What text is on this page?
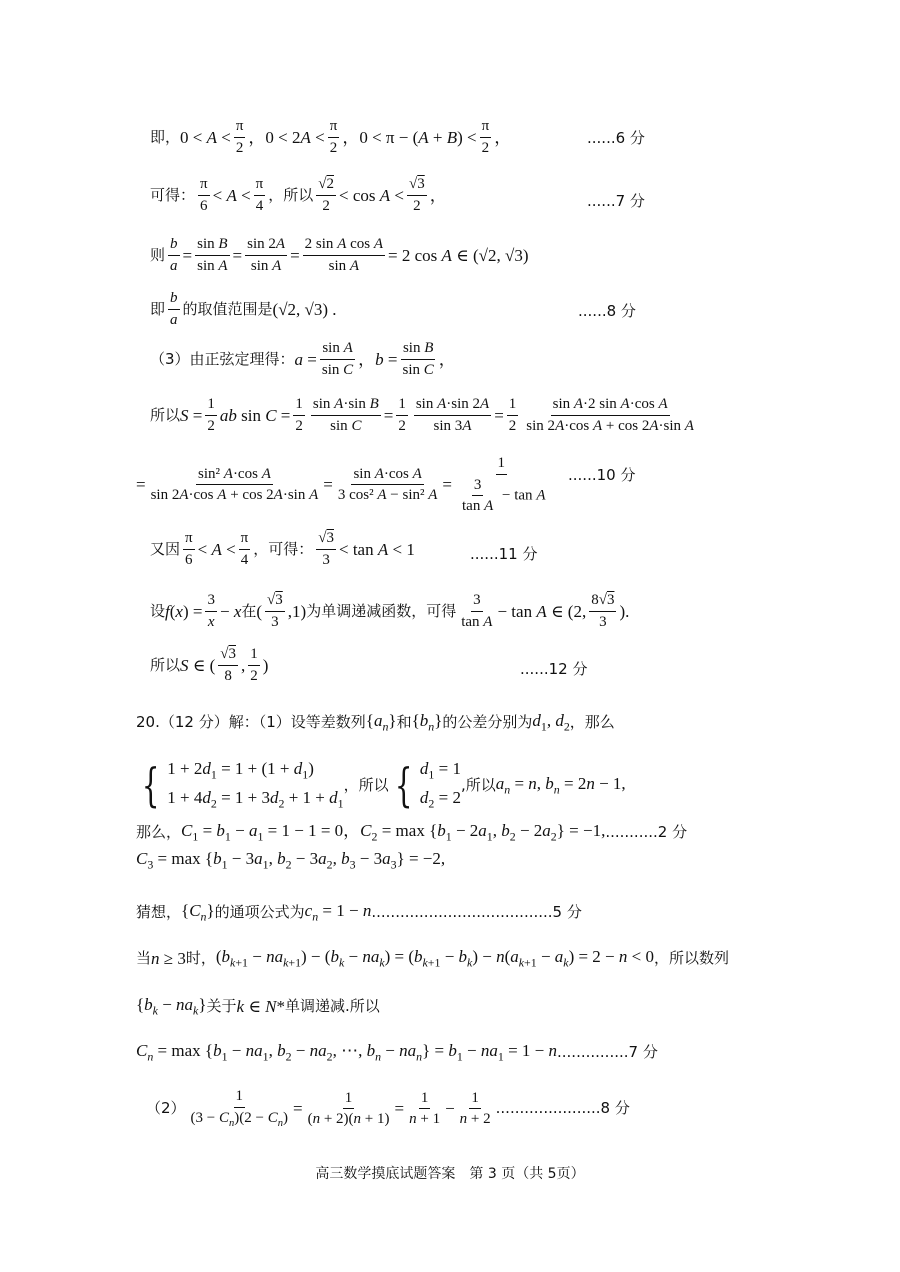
即， $0 < A < \frac{\pi}{2}$ ，$0 < 2A < \frac{\pi}{2}$ ，$0 < \pi - (A + B) < \frac{\pi}{2}$ ，	......6 分
可得： $\frac{\pi}{6} < A < \frac{\pi}{4}$ ，所以 $\frac{√2}{2} < \cos A < \frac{√3}{2}$ ，	......7 分
则 $\frac{b}{a} = \frac{\text{sin B}}{\text{sin A}} = \frac{\sin 2A}{\text{sin A}} = \frac{\text{2 sin A cos A}}{\text{sin A}} = 2$ cos A ∈ (√2, √3)
即 $\frac{b}{a}$ 的取值范围是 (√2, √3) .	......8 分
（3）由正弦定理得： $a = \frac{\text{sin A}}{\text{sin C}}$ ，$b = \frac{\text{sin B}}{\text{sin C}}$ ，
所以 $S = \frac{1}{2}$ ab $\sin C = \frac{1}{2} \frac{\text{sin A·sin B}}{\text{sin C}} = \frac{1}{2} \frac{\text{sin A·sin 2A}}{\sin 3A} = \frac{1}{2} \frac{\text{sin A·2 sin A·cos A}}{\text{sin 2A·cos A + cos 2A·sin A}}$
= $\frac{\text{sin² A·cos A}}{\text{sin 2A·cos A + cos 2A·sin A}} = \frac{\text{sin A·cos A}}{\text{3 cos² A − sin² A}} = \frac{1}{\frac{3}{\text{tan A}} - \tan A} ......10$ 分
又因 $\frac{\pi}{6} < A < \frac{\pi}{4}$ ，可得： $\frac{√3}{3} < \tan A < 1$	......11 分
设 $f(x) = \frac{3}{x} - x$ 在 ( $\frac{√3}{3} ,1$) 为单调递减函数，可得 $\frac{3}{\text{tan A}} - \tan A$ ∈ (2, $\frac{8√3}{3}$ ).
所以 S ∈ ( $\frac{√3}{8}$ , $\frac{1}{2}$ )	......12 分
20.（12 分）解：（1）设等差数列 $\{a_n\}$ 和 $\{b_n\}$ 的公差分别为 $d_1$, $d_2$ ，那么
{ $1 + 2d_1 = 1 + (1 + d_1)$
$1 + 4d_2 = 1 + 3d_2 + 1 + d_1$
，所以 { $d_1 = 1$
$d_2 = 2$
,所以 $a_n = n$, $b_n = 2n - 1$,
那么， $C_1 = b_1 - a_1 = 1 - 1 = 0$，$C_2 = \max \{b_1 - 2a_1$, $b_2 - 2a_2\} = -1$, ...........2 分
$C_3 = \max \{b_1 - 3a_1$, $b_2 - 3a_2$, $b_3 - 3a_3\} = -2$,
猜想， $\{C_n\}$ 的通项公式为 $c_n = 1 - n$ ......................................5 分
当 n ≥ 3 时， $(b_{k+1} - na_{k+1}) - (b_k - na_k) = (b_{k+1} - b_k) - n(a_{k+1} - a_k) = 2 - n < 0$ ，所以数列
$\{b_k - na_k\}$ 关于 k ∈ N* 单调递减.所以
$C_n = \max \{b_1 - na_1$, $b_2 - na_2$, ⋯, $b_n - na_n\} = b_1 - na_1 = 1 - n$ ...............7 分
$(2) \frac{1}{(3 - C_n)(2 - C_n)} = \frac{1}{(n + 2)(n + 1)} = \frac{1}{n + 1} - \frac{1}{n + 2} ......................8$ 分
高三数学摸底试题答案　第 3 页（共 5页）
